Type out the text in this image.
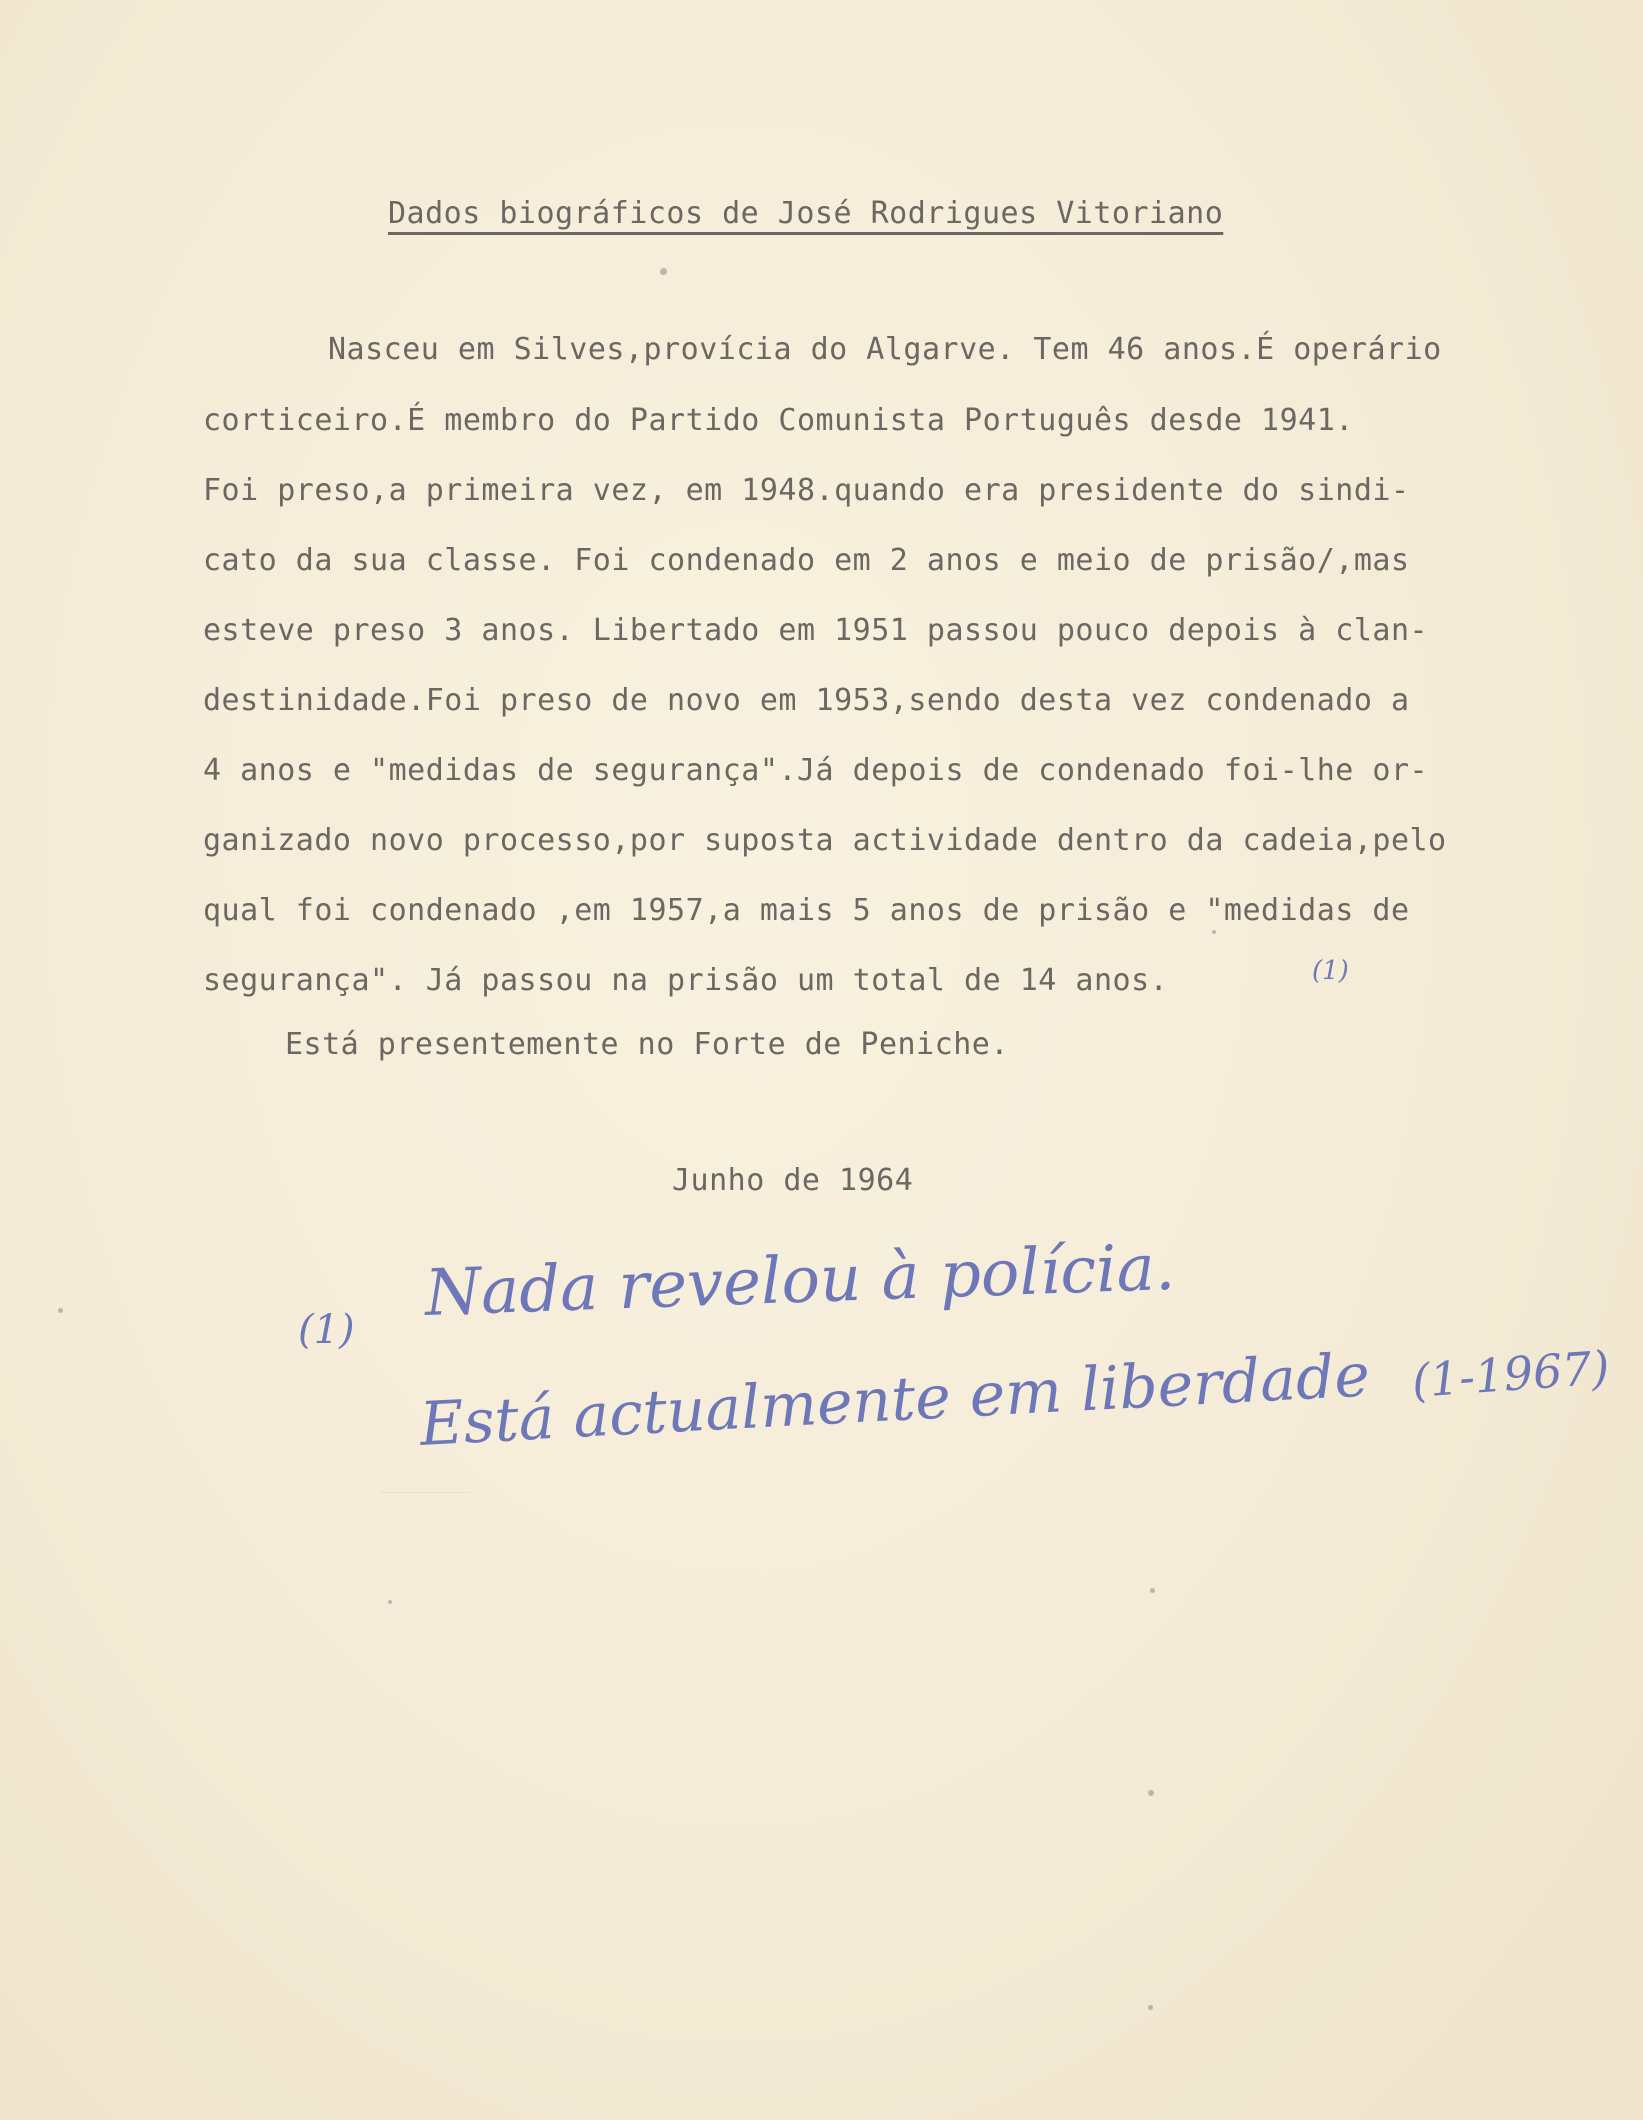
Dados biográficos de José Rodrigues Vitoriano
Nasceu em Silves,provícia do Algarve. Tem 46 anos.É operário
corticeiro.É membro do Partido Comunista Português desde 1941.
Foi preso,a primeira vez, em 1948.quando era presidente do sindi-
cato da sua classe. Foi condenado em 2 anos e meio de prisão/,mas
esteve preso 3 anos. Libertado em 1951 passou pouco depois à clan-
destinidade.Foi preso de novo em 1953,sendo desta vez condenado a
4 anos e "medidas de segurança".Já depois de condenado foi-lhe or-
ganizado novo processo,por suposta actividade dentro da cadeia,pelo
qual foi condenado ,em 1957,a mais 5 anos de prisão e "medidas de
segurança". Já passou na prisão um total de 14 anos.	(1)
Está presentemente no Forte de Peniche.
Junho de 1964
(1) Nada revelou à polícia.
Está actualmente em liberdade (1-1967)
